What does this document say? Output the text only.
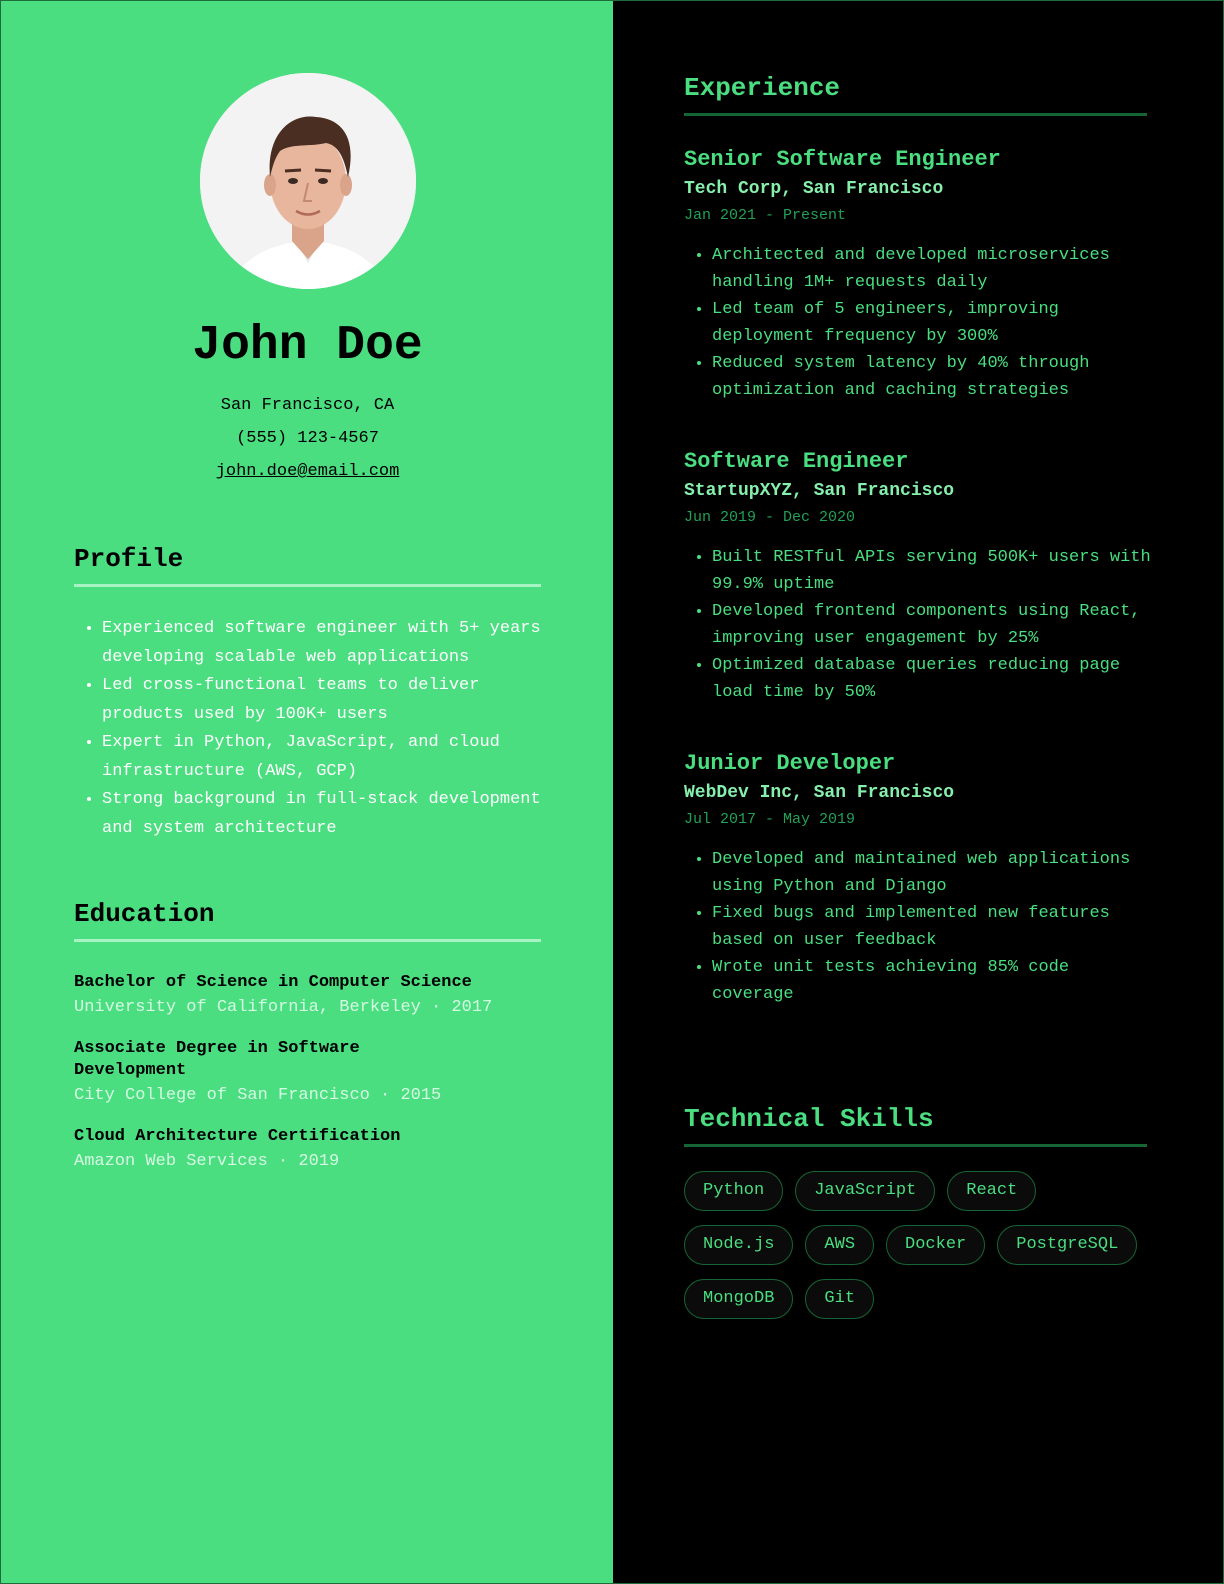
John Doe
San Francisco, CA
(555) 123-4567
john.doe@email.com
Profile
• Experienced software engineer with 5+ years developing scalable web applications
• Led cross-functional teams to deliver products used by 100K+ users
• Expert in Python, JavaScript, and cloud infrastructure (AWS, GCP)
• Strong background in full-stack development and system architecture
Education
Bachelor of Science in Computer Science
University of California, Berkeley · 2017
Associate Degree in Software Development
City College of San Francisco · 2015
Cloud Architecture Certification
Amazon Web Services · 2019
Experience
Senior Software Engineer
Tech Corp, San Francisco
Jan 2021 - Present
• Architected and developed microservices handling 1M+ requests daily
• Led team of 5 engineers, improving deployment frequency by 300%
• Reduced system latency by 40% through optimization and caching strategies
Software Engineer
StartupXYZ, San Francisco
Jun 2019 - Dec 2020
• Built RESTful APIs serving 500K+ users with 99.9% uptime
• Developed frontend components using React, improving user engagement by 25%
• Optimized database queries reducing page load time by 50%
Junior Developer
WebDev Inc, San Francisco
Jul 2017 - May 2019
• Developed and maintained web applications using Python and Django
• Fixed bugs and implemented new features based on user feedback
• Wrote unit tests achieving 85% code coverage
Technical Skills
Python	JavaScript	React
Node.js	AWS	Docker	PostgreSQL
MongoDB	Git
